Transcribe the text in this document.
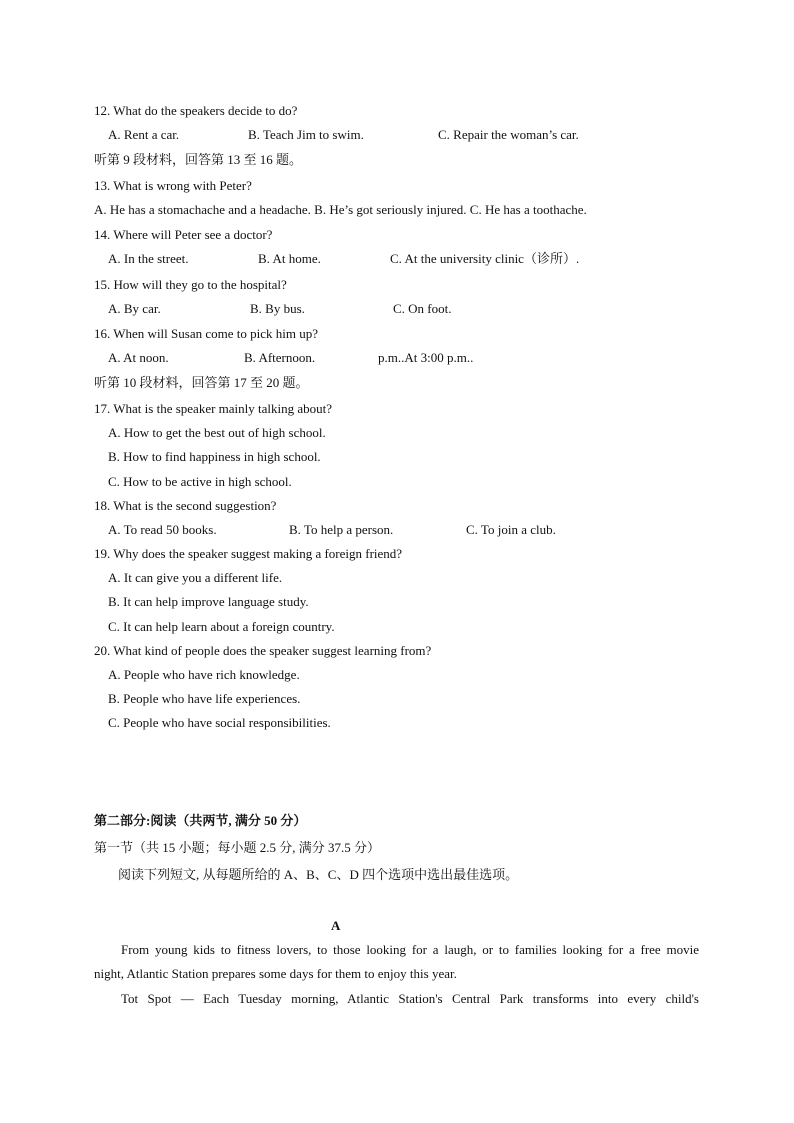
12. What do the speakers decide to do?
A. Rent a car.	B. Teach Jim to swim.	C. Repair the woman’s car.
听第 9 段材料，回答第 13 至 16 题。
13. What is wrong with Peter?
A. He has a stomachache and a headache. B. He’s got seriously injured. C. He has a toothache.
14. Where will Peter see a doctor?
A. In the street.	B. At home.	C. At the university clinic（诊所）.
15. How will they go to the hospital?
A. By car.	B. By bus.	C. On foot.
16. When will Susan come to pick him up?
A. At noon.	B. Afternoon.	p.m..At 3:00 p.m..
听第 10 段材料，回答第 17 至 20 题。
17. What is the speaker mainly talking about?
A. How to get the best out of high school.
B. How to find happiness in high school.
C. How to be active in high school.
18. What is the second suggestion?
A. To read 50 books.	B. To help a person.	C. To join a club.
19. Why does the speaker suggest making a foreign friend?
A. It can give you a different life.
B. It can help improve language study.
C. It can help learn about a foreign country.
20. What kind of people does the speaker suggest learning from?
A. People who have rich knowledge.
B. People who have life experiences.
C. People who have social responsibilities.
第二部分:阅读（共两节, 满分 50 分）
第一节（共 15 小题；每小题 2.5 分, 满分 37.5 分）
阅读下列短文, 从每题所给的 A、B、C、D 四个选项中选出最佳选项。
A
From young kids to fitness lovers, to those looking for a laugh, or to families looking for a free movie
night, Atlantic Station prepares some days for them to enjoy this year.
Tot Spot — Each Tuesday morning, Atlantic Station's Central Park transforms into every child's
